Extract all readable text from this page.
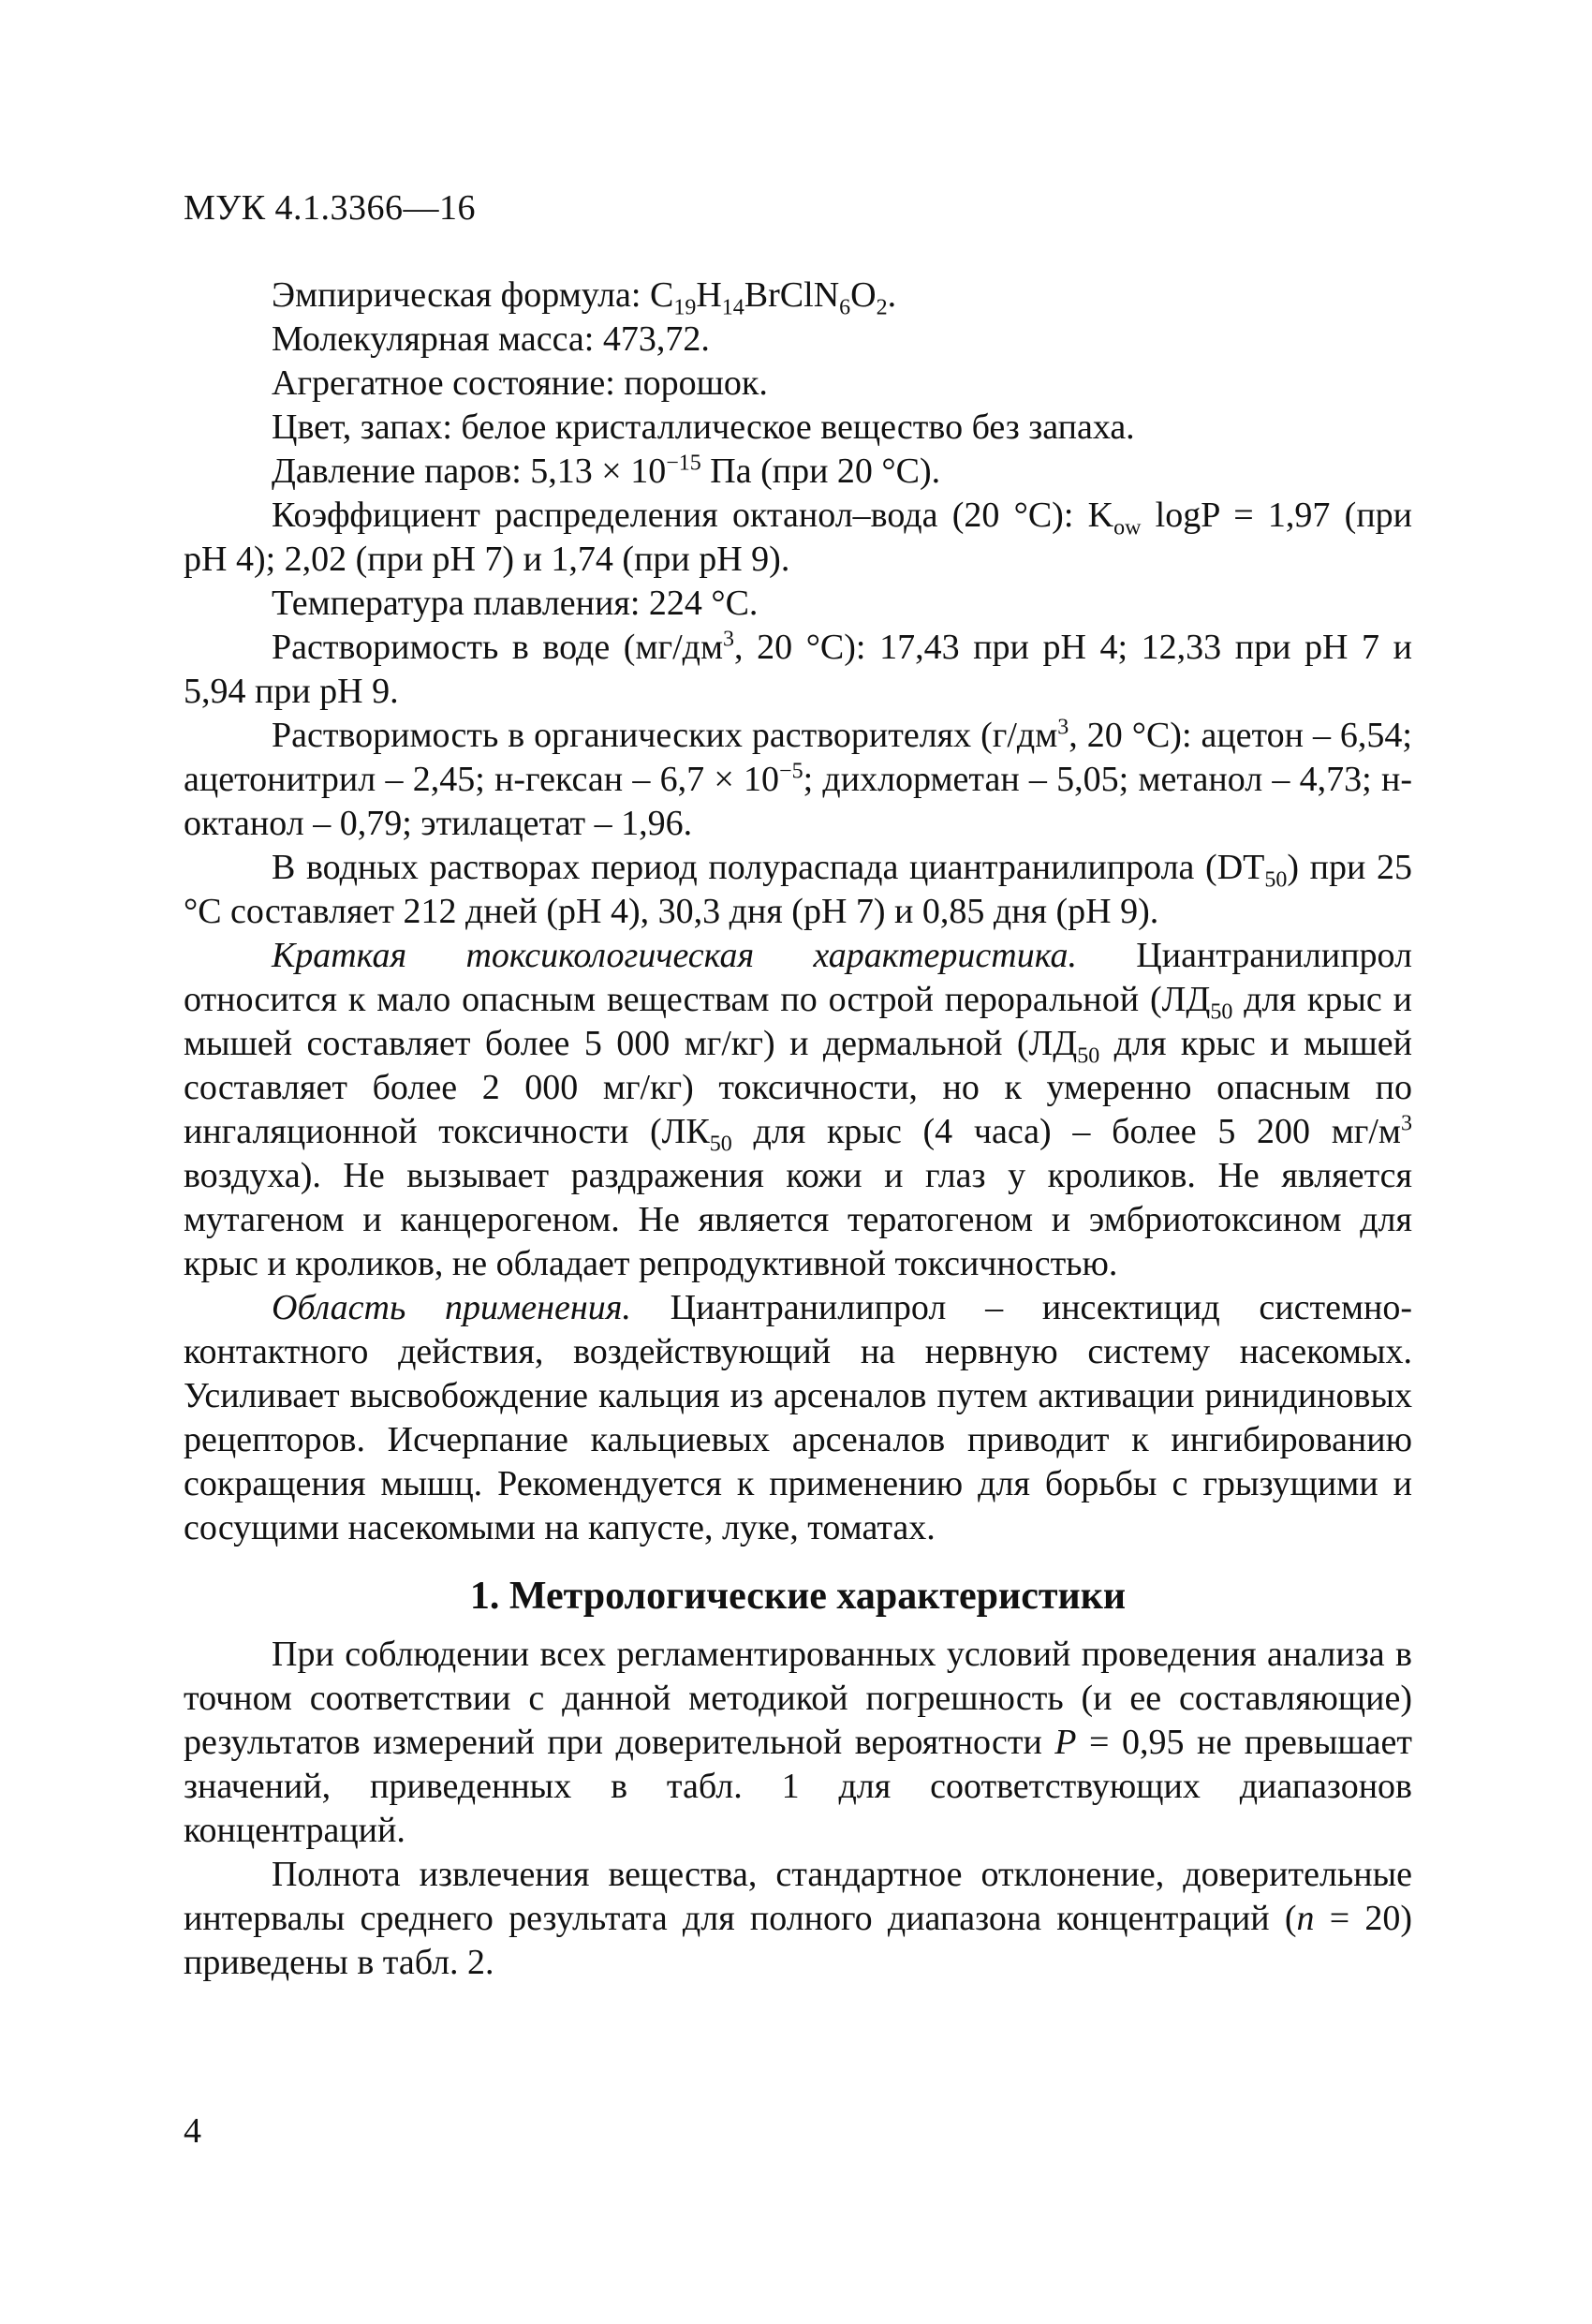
МУК 4.1.3366—16

Эмпирическая формула: $C_{19}H_{14}BrClN_6O_2$.

Молекулярная масса: 473,72.

Агрегатное состояние: порошок.

Цвет, запах: белое кристаллическое вещество без запаха.

Давление паров: $5,13 \times 10^{-15}$ Па (при 20 °С).

Коэффициент распределения октанол–вода (20 °С): $K_{ow}$ logP = 1,97 (при pH 4); 2,02 (при pH 7) и 1,74 (при pH 9).

Температура плавления: 224 °С.

Растворимость в воде ($мг/дм^3$, 20 °С): 17,43 при pH 4; 12,33 при pH 7 и 5,94 при pH 9.

Растворимость в органических растворителях ($г/дм^3$, 20 °С): ацетон – 6,54; ацетонитрил – 2,45; н-гексан – $6,7 \times 10^{-5}$; дихлорметан – 5,05; метанол – 4,73; н-октанол – 0,79; этилацетат – 1,96.

В водных растворах период полураспада циантранилипрола $(DT_{50})$ при 25 °С составляет 212 дней (pH 4), 30,3 дня (pH 7) и 0,85 дня (pH 9).

Краткая токсикологическая характеристика. Циантранилипрол относится к мало опасным веществам по острой пероральной ($ЛД_{50}$ для крыс и мышей составляет более 5 000 мг/кг) и дермальной ($ЛД_{50}$ для крыс и мышей составляет более 2 000 мг/кг) токсичности, но к умеренно опасным по ингаляционной токсичности ($ЛК_{50}$ для крыс (4 часа) – более 5 200 $мг/м^3$ воздуха). Не вызывает раздражения кожи и глаз у кроликов. Не является мутагеном и канцерогеном. Не является тератогеном и эмбриотоксином для крыс и кроликов, не обладает репродуктивной токсичностью.

Область применения. Циантранилипрол – инсектицид системно-контактного действия, воздействующий на нервную систему насекомых. Усиливает высвобождение кальция из арсеналов путем активации ринидиновых рецепторов. Исчерпание кальциевых арсеналов приводит к ингибированию сокращения мышц. Рекомендуется к применению для борьбы с грызущими и сосущими насекомыми на капусте, луке, томатах.

1. Метрологические характеристики

При соблюдении всех регламентированных условий проведения анализа в точном соответствии с данной методикой погрешность (и ее составляющие) результатов измерений при доверительной вероятности P = 0,95 не превышает значений, приведенных в табл. 1 для соответствующих диапазонов концентраций.

Полнота извлечения вещества, стандартное отклонение, доверительные интервалы среднего результата для полного диапазона концентраций (n = 20) приведены в табл. 2.

4
